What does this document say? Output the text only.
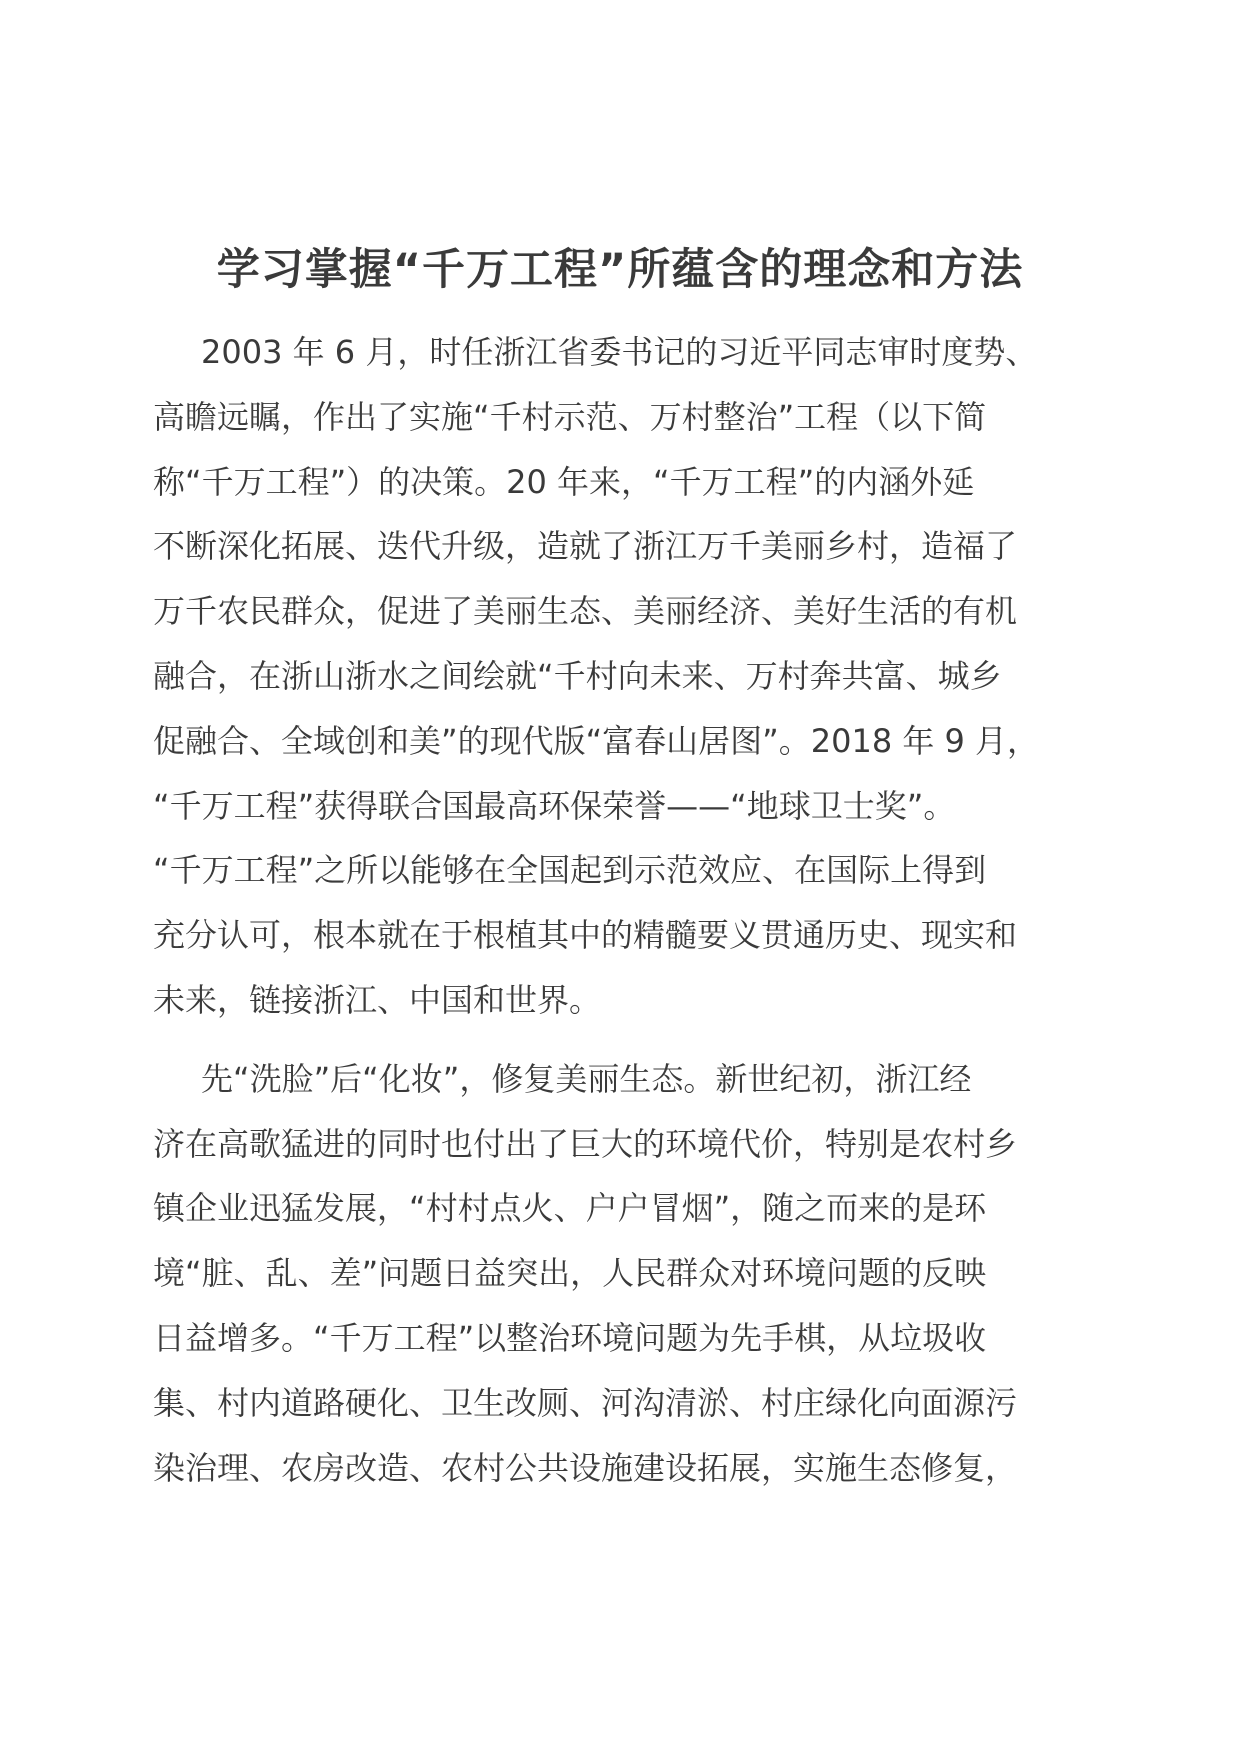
学习掌握“千万工程”所蕴含的理念和方法

2003 年 6 月，时任浙江省委书记的习近平同志审时度势、

高瞻远瞩，作出了实施“千村示范、万村整治”工程（以下简

称“千万工程”）的决策。20 年来，“千万工程”的内涵外延

不断深化拓展、迭代升级，造就了浙江万千美丽乡村，造福了

万千农民群众，促进了美丽生态、美丽经济、美好生活的有机

融合，在浙山浙水之间绘就“千村向未来、万村奔共富、城乡

促融合、全域创和美”的现代版“富春山居图”。2018 年 9 月，

“千万工程”获得联合国最高环保荣誉——“地球卫士奖”。

“千万工程”之所以能够在全国起到示范效应、在国际上得到

充分认可，根本就在于根植其中的精髓要义贯通历史、现实和

未来，链接浙江、中国和世界。

先“洗脸”后“化妆”，修复美丽生态。新世纪初，浙江经

济在高歌猛进的同时也付出了巨大的环境代价，特别是农村乡

镇企业迅猛发展，“村村点火、户户冒烟”，随之而来的是环

境“脏、乱、差”问题日益突出，人民群众对环境问题的反映

日益增多。“千万工程”以整治环境问题为先手棋，从垃圾收

集、村内道路硬化、卫生改厕、河沟清淤、村庄绿化向面源污

染治理、农房改造、农村公共设施建设拓展，实施生态修复，
